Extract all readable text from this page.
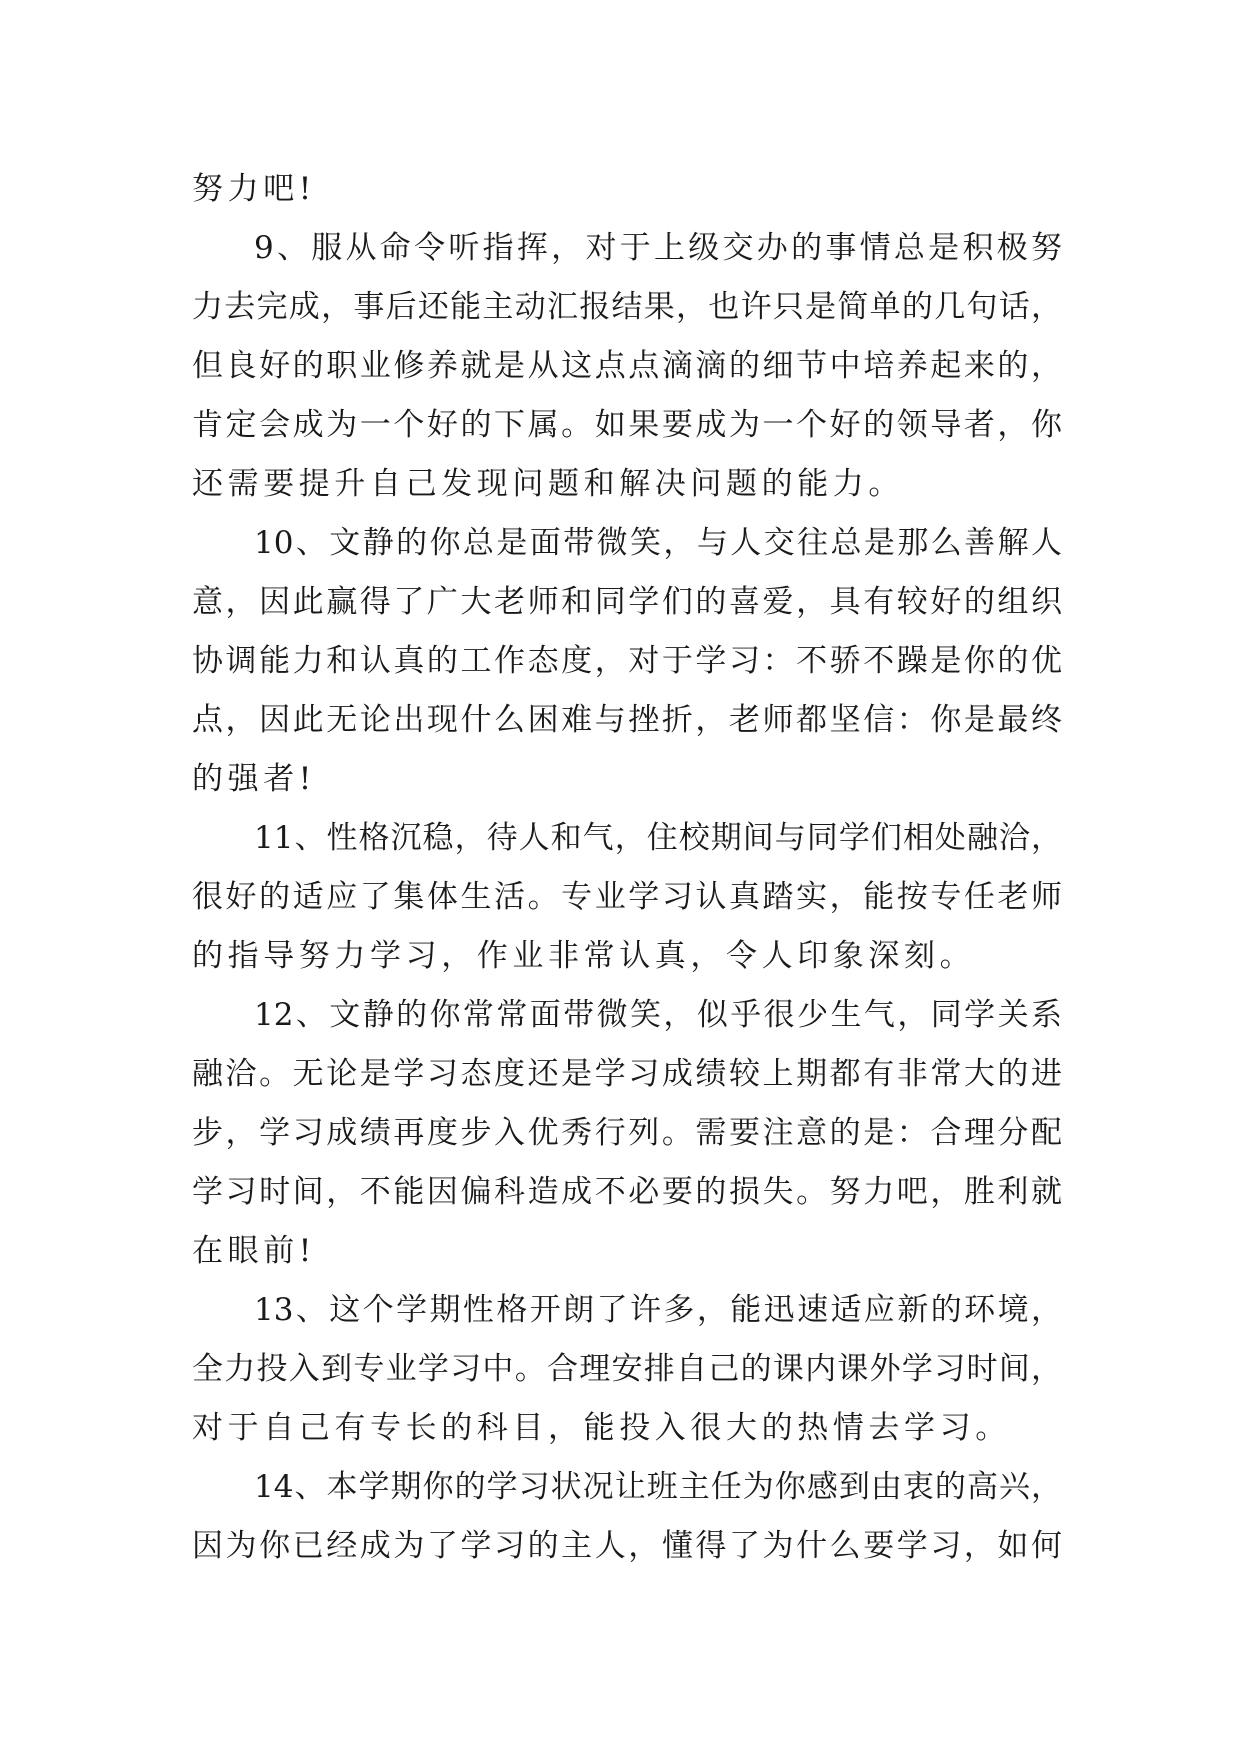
努力吧!
9、服从命令听指挥，对于上级交办的事情总是积极努
力去完成，事后还能主动汇报结果，也许只是简单的几句话，
但良好的职业修养就是从这点点滴滴的细节中培养起来的，
肯定会成为一个好的下属。如果要成为一个好的领导者，你
还需要提升自己发现问题和解决问题的能力。
10、文静的你总是面带微笑，与人交往总是那么善解人
意，因此赢得了广大老师和同学们的喜爱，具有较好的组织
协调能力和认真的工作态度，对于学习：不骄不躁是你的优
点，因此无论出现什么困难与挫折，老师都坚信：你是最终
的强者!
11、性格沉稳，待人和气，住校期间与同学们相处融洽，
很好的适应了集体生活。专业学习认真踏实，能按专任老师
的指导努力学习，作业非常认真，令人印象深刻。
12、文静的你常常面带微笑，似乎很少生气，同学关系
融洽。无论是学习态度还是学习成绩较上期都有非常大的进
步，学习成绩再度步入优秀行列。需要注意的是：合理分配
学习时间，不能因偏科造成不必要的损失。努力吧，胜利就
在眼前!
13、这个学期性格开朗了许多，能迅速适应新的环境，
全力投入到专业学习中。合理安排自己的课内课外学习时间，
对于自己有专长的科目，能投入很大的热情去学习。
14、本学期你的学习状况让班主任为你感到由衷的高兴，
因为你已经成为了学习的主人，懂得了为什么要学习，如何
